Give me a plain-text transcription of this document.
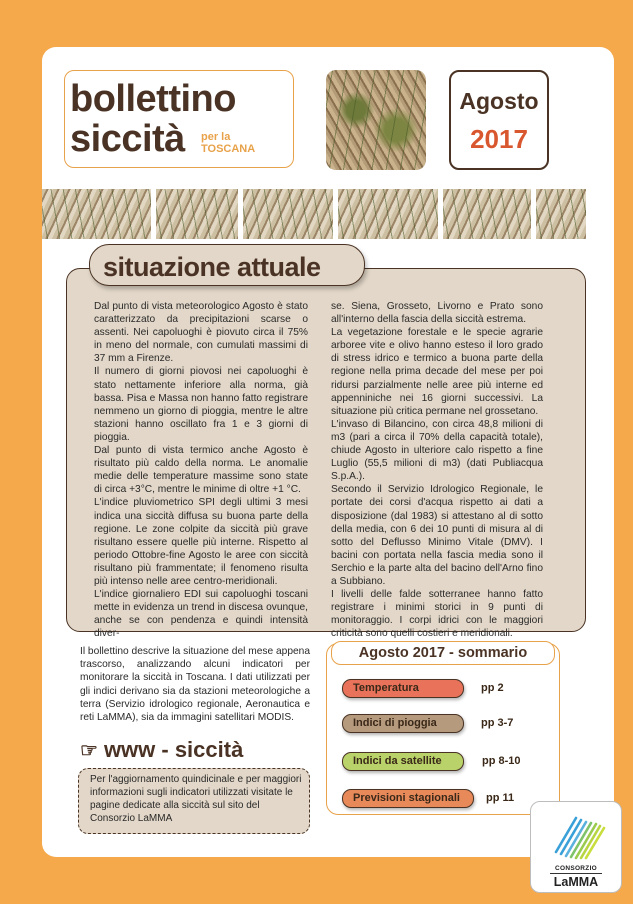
bollettino
siccità per la
TOSCANA
Agosto
2017
situazione attuale

Dal punto di vista meteorologico Agosto è stato caratterizzato da precipitazioni scarse o assenti. Nei capoluoghi è piovuto circa il 75% in meno del normale, con cumulati massimi di 37 mm a Firenze.

Il numero di giorni piovosi nei capoluoghi è stato nettamente inferiore alla norma, già bassa. Pisa e Massa non hanno fatto registrare nemmeno un giorno di pioggia, mentre le altre stazioni hanno oscillato fra 1 e 3 giorni di pioggia.

Dal punto di vista termico anche Agosto è risultato più caldo della norma. Le anomalie medie delle temperature massime sono state di circa +3°C, mentre le minime di oltre +1 °C.

L'indice pluviometrico SPI degli ultimi 3 mesi indica una siccità diffusa su buona parte della regione. Le zone colpite da siccità più grave risultano essere quelle più interne. Rispetto al periodo Ottobre-fine Agosto le aree con siccità risultano più frammentate; il fenomeno risulta più intenso nelle aree centro-meridionali.

L'indice giornaliero EDI sui capoluoghi toscani mette in evidenza un trend in discesa ovunque, anche se con pendenza e quindi intensità diver-

se. Siena, Grosseto, Livorno e Prato sono all'interno della fascia della siccità estrema.

La vegetazione forestale e le specie agrarie arboree vite e olivo hanno esteso il loro grado di stress idrico e termico a buona parte della regione nella prima decade del mese per poi ridursi parzialmente nelle aree più interne ed appenniniche nei 16 giorni successivi. La situazione più critica permane nel grossetano.

L'invaso di Bilancino, con circa 48,8 milioni di m3 (pari a circa il 70% della capacità totale), chiude Agosto in ulteriore calo rispetto a fine Luglio (55,5 milioni di m3) (dati Publiacqua S.p.A.).

Secondo il Servizio Idrologico Regionale, le portate dei corsi d'acqua rispetto ai dati a disposizione (dal 1983) si attestano al di sotto della media, con 6 dei 10 punti di misura al di sotto del Deflusso Minimo Vitale (DMV). I bacini con portata nella fascia media sono il Serchio e la parte alta del bacino dell'Arno fino a Subbiano.

I livelli delle falde sotterranee hanno fatto registrare i minimi storici in 9 punti di monitoraggio. I corpi idrici con le maggiori criticità sono quelli costieri e meridionali.

Il bollettino descrive la situazione del mese appena trascorso, analizzando alcuni indicatori per monitorare la siccità in Toscana. I dati utilizzati per gli indici derivano sia da stazioni meteorologiche a terra (Servizio idrologico regionale, Aeronautica e reti LaMMA), sia da immagini satellitari MODIS.
☞ www - siccità
Per l'aggiornamento quindicinale e per maggiori informazioni sugli indicatori utilizzati visitate le pagine dedicate alla siccità sul sito del Consorzio LaMMA
Agosto 2017 - sommario
Temperatura	pp 2
Indici di pioggia	pp 3-7
Indici da satellite	pp 8-10
Previsioni stagionali	pp 11
CONSORZIO
LaMMA
